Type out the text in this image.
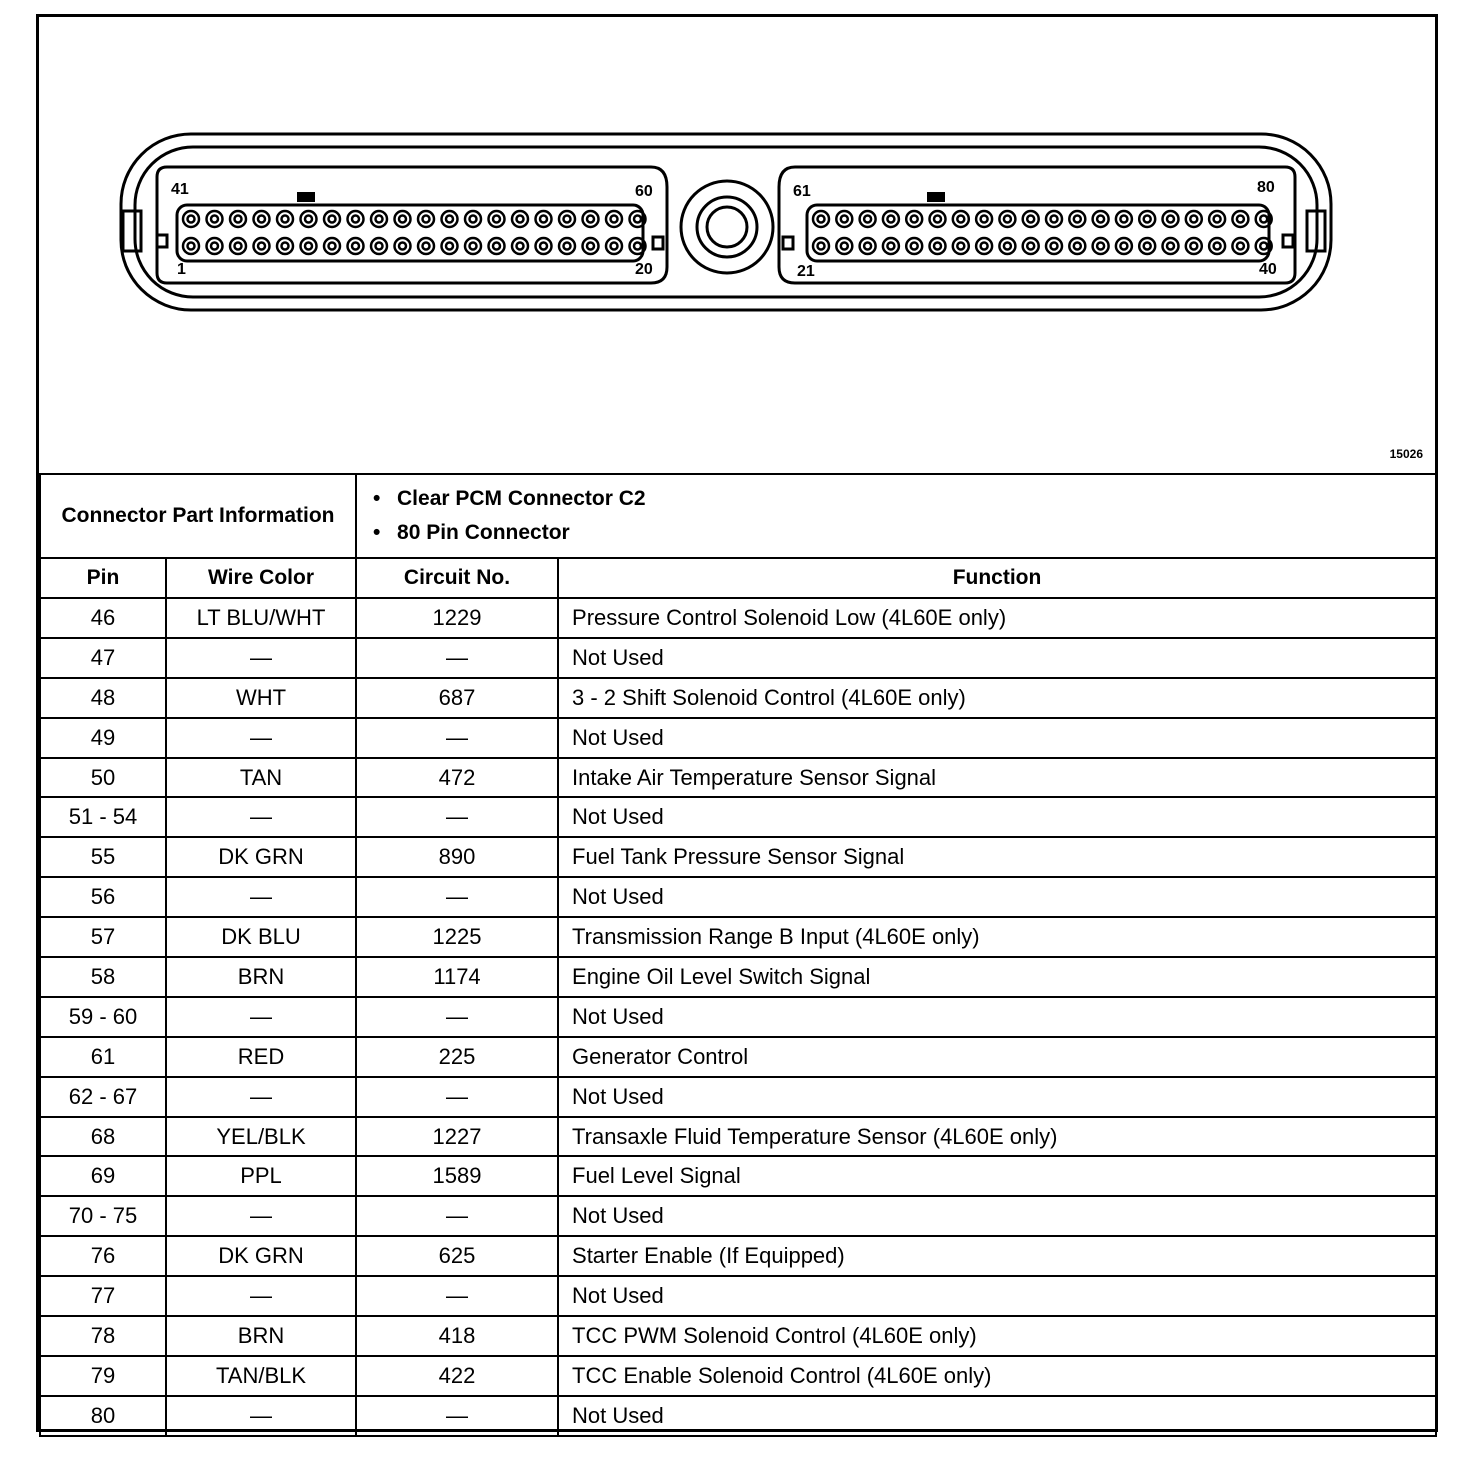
41	60
1	20
61	80
21	40
15026
Connector Part Information		• Clear PCM Connector C2
• 80 Pin Connector

Pin	Wire Color	Circuit No.	Function
46	LT BLU/WHT	1229	Pressure Control Solenoid Low (4L60E only)
47	—	—	Not Used
48	WHT	687	3 - 2 Shift Solenoid Control (4L60E only)
49	—	—	Not Used
50	TAN	472	Intake Air Temperature Sensor Signal
51 - 54	—	—	Not Used
55	DK GRN	890	Fuel Tank Pressure Sensor Signal
56	—	—	Not Used
57	DK BLU	1225	Transmission Range B Input (4L60E only)
58	BRN	1174	Engine Oil Level Switch Signal
59 - 60	—	—	Not Used
61	RED	225	Generator Control
62 - 67	—	—	Not Used
68	YEL/BLK	1227	Transaxle Fluid Temperature Sensor (4L60E only)
69	PPL	1589	Fuel Level Signal
70 - 75	—	—	Not Used
76	DK GRN	625	Starter Enable (If Equipped)
77	—	—	Not Used
78	BRN	418	TCC PWM Solenoid Control (4L60E only)
79	TAN/BLK	422	TCC Enable Solenoid Control (4L60E only)
80	—	—	Not Used
